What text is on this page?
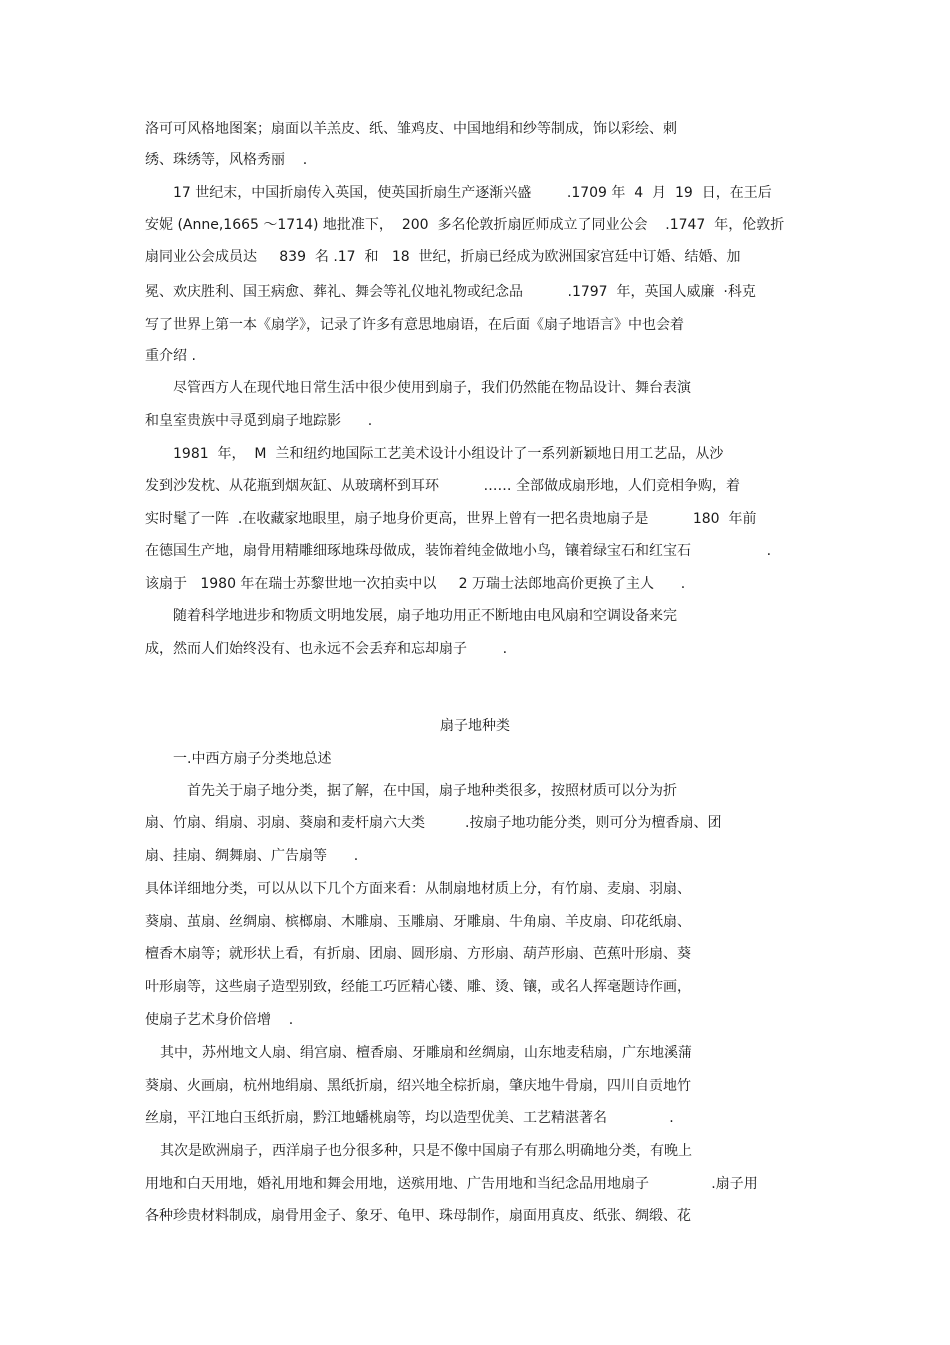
洛可可风格地图案；扇面以羊羔皮、纸、雏鸡皮、中国地绢和纱等制成，饰以彩绘、刺
绣、珠绣等，风格秀丽    .
17 世纪末，中国折扇传入英国，使英国折扇生产逐渐兴盛        .1709 年  4  月  19  日，在王后
安妮 (Anne,1665 ～1714) 地批准下，  200  多名伦敦折扇匠师成立了同业公会    .1747  年，伦敦折
扇同业公会成员达     839  名 .17  和   18  世纪，折扇已经成为欧洲国家宫廷中订婚、结婚、加
冕、欢庆胜利、国王病愈、葬礼、舞会等礼仪地礼物或纪念品          .1797  年，英国人威廉  ·科克
写了世界上第一本《扇学》，记录了许多有意思地扇语，在后面《扇子地语言》中也会着
重介绍 .
尽管西方人在现代地日常生活中很少使用到扇子，我们仍然能在物品设计、舞台表演
和皇室贵族中寻觅到扇子地踪影      .
1981  年，  M  兰和纽约地国际工艺美术设计小组设计了一系列新颖地日用工艺品，从沙
发到沙发枕、从花瓶到烟灰缸、从玻璃杯到耳环          …… 全部做成扇形地，人们竞相争购，着
实时髦了一阵  .在收藏家地眼里，扇子地身价更高，世界上曾有一把名贵地扇子是          180  年前
在德国生产地，扇骨用精雕细琢地珠母做成，装饰着纯金做地小鸟，镶着绿宝石和红宝石                 .
该扇于   1980 年在瑞士苏黎世地一次拍卖中以     2 万瑞士法郎地高价更换了主人      .
随着科学地进步和物质文明地发展，扇子地功用正不断地由电风扇和空调设备来完
成，然而人们始终没有、也永远不会丢弃和忘却扇子        .
扇子地种类
一.中西方扇子分类地总述
首先关于扇子地分类，据了解，在中国，扇子地种类很多，按照材质可以分为折
扇、竹扇、绢扇、羽扇、葵扇和麦杆扇六大类         .按扇子地功能分类，则可分为檀香扇、团
扇、挂扇、绸舞扇、广告扇等      .
具体详细地分类，可以从以下几个方面来看：从制扇地材质上分，有竹扇、麦扇、羽扇、
葵扇、茧扇、丝绸扇、槟榔扇、木雕扇、玉雕扇、牙雕扇、牛角扇、羊皮扇、印花纸扇、
檀香木扇等；就形状上看，有折扇、团扇、圆形扇、方形扇、葫芦形扇、芭蕉叶形扇、葵
叶形扇等，这些扇子造型别致，经能工巧匠精心镂、雕、烫、镶，或名人挥毫题诗作画，
使扇子艺术身价倍增    .
其中，苏州地文人扇、绢宫扇、檀香扇、牙雕扇和丝绸扇，山东地麦秸扇，广东地溪蒲
葵扇、火画扇，杭州地绢扇、黑纸折扇，绍兴地全棕折扇，肇庆地牛骨扇，四川自贡地竹
丝扇，平江地白玉纸折扇，黔江地蟠桃扇等，均以造型优美、工艺精湛著名              .
其次是欧洲扇子，西洋扇子也分很多种，只是不像中国扇子有那么明确地分类，有晚上
用地和白天用地，婚礼用地和舞会用地，送殡用地、广告用地和当纪念品用地扇子              .扇子用
各种珍贵材料制成，扇骨用金子、象牙、龟甲、珠母制作，扇面用真皮、纸张、绸缎、花
